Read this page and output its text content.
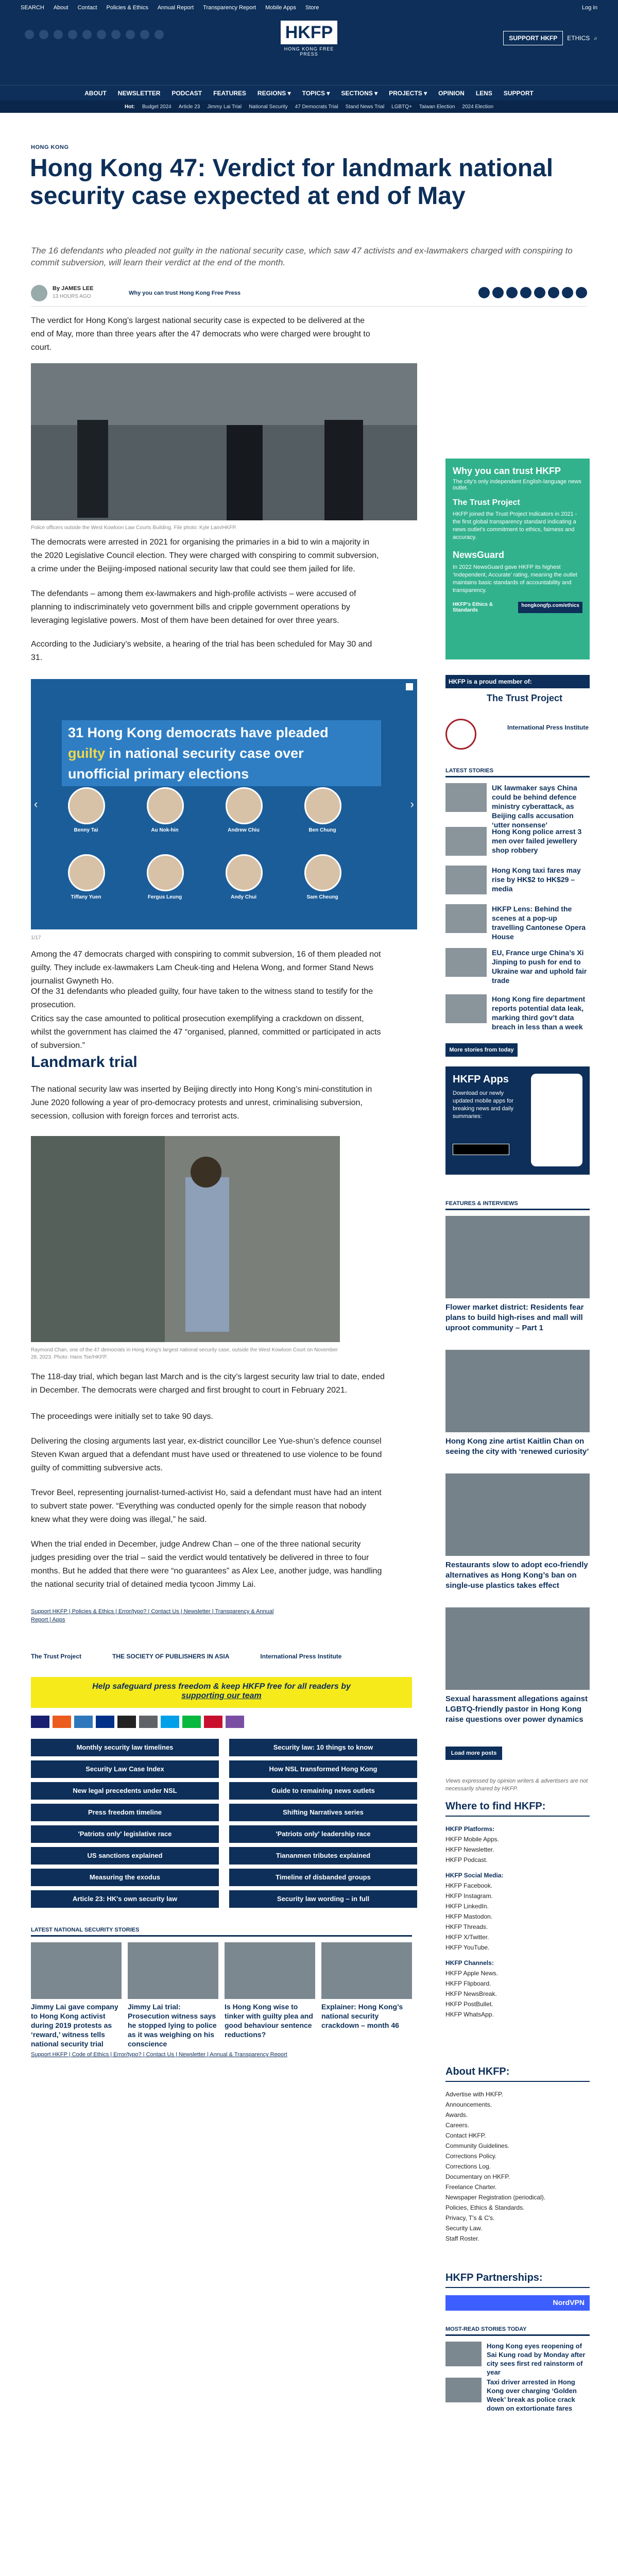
SEARCH About Contact Policies & Ethics Annual Report Transparency Report Mobile Apps Store	Log in
HKFP
HONG KONG FREE PRESS
SUPPORT HKFP	ETHICS ⌕
ABOUT NEWSLETTER PODCAST FEATURES REGIONS ▾ TOPICS ▾ SECTIONS ▾ PROJECTS ▾ OPINION LENS SUPPORT
Hot: Budget 2024 Article 23 Jimmy Lai Trial National Security 47 Democrats Trial Stand News Trial LGBTQ+ Taiwan Election 2024 Election
HONG KONG
Hong Kong 47: Verdict for landmark national security case expected at end of May
The 16 defendants who pleaded not guilty in the national security case, which saw 47 activists and ex-lawmakers charged with conspiring to commit subversion, will learn their verdict at the end of the month.
By JAMES LEE
13 HOURS AGO
Why you can trust Hong Kong Free Press

The verdict for Hong Kong’s largest national security case is expected to be delivered at the end of May, more than three years after the 47 democrats who were charged were brought to court.

Police officers outside the West Kowloon Law Courts Building. File photo: Kyle Lam/HKFP.

The democrats were arrested in 2021 for organising the primaries in a bid to win a majority in the 2020 Legislative Council election. They were charged with conspiring to commit subversion, a crime under the Beijing-imposed national security law that could see them jailed for life.

The defendants – among them ex-lawmakers and high-profile activists – were accused of planning to indiscriminately veto government bills and cripple government operations by leveraging legislative powers. Most of them have been detained for over three years.

According to the Judiciary’s website, a hearing of the trial has been scheduled for May 30 and 31.

31 Hong Kong democrats have pleaded
guilty in national security case over
unofficial primary elections
Benny Tai	Au Nok-hin	Andrew Chiu	Ben Chung
Tiffany Yuen	Fergus Leung	Andy Chui	Sam Cheung
‹	›
1/17

Among the 47 democrats charged with conspiring to commit subversion, 16 of them pleaded not guilty. They include ex-lawmakers Lam Cheuk-ting and Helena Wong, and former Stand News journalist Gwyneth Ho.

Of the 31 defendants who pleaded guilty, four have taken to the witness stand to testify for the prosecution.

Critics say the case amounted to political prosecution exemplifying a crackdown on dissent, whilst the government has claimed the 47 “organised, planned, committed or participated in acts of subversion.”

Landmark trial

The national security law was inserted by Beijing directly into Hong Kong’s mini-constitution in June 2020 following a year of pro-democracy protests and unrest, criminalising subversion, secession, collusion with foreign forces and terrorist acts.

Raymond Chan, one of the 47 democrats in Hong Kong’s largest national security case, outside the West Kowloon Court on November 28, 2023. Photo: Hans Tse/HKFP.

The 118-day trial, which began last March and is the city’s largest security law trial to date, ended in December. The democrats were charged and first brought to court in February 2021.

The proceedings were initially set to take 90 days.

Delivering the closing arguments last year, ex-district councillor Lee Yue-shun’s defence counsel Steven Kwan argued that a defendant must have used or threatened to use violence to be found guilty of committing subversive acts.

Trevor Beel, representing journalist-turned-activist Ho, said a defendant must have had an intent to subvert state power. “Everything was conducted openly for the simple reason that nobody knew what they were doing was illegal,” he said.

When the trial ended in December, judge Andrew Chan – one of the three national security judges presiding over the trial – said the verdict would tentatively be delivered in three to four months. But he added that there were “no guarantees” as Alex Lee, another judge, was handling the national security trial of detained media tycoon Jimmy Lai.

Support HKFP | Policies & Ethics | Error/typo? | Contact Us | Newsletter | Transparency & Annual Report | Apps
The Trust Project	THE SOCIETY OF PUBLISHERS IN ASIA	International Press Institute
Help safeguard press freedom & keep HKFP free for all readers by
supporting our team
Monthly security law timelines	Security law: 10 things to know
Security Law Case Index	How NSL transformed Hong Kong
New legal precedents under NSL	Guide to remaining news outlets
Press freedom timeline	Shifting Narratives series
'Patriots only' legislative race	'Patriots only' leadership race
US sanctions explained	Tiananmen tributes explained
Measuring the exodus	Timeline of disbanded groups
Article 23: HK's own security law	Security law wording – in full
LATEST NATIONAL SECURITY STORIES
Jimmy Lai gave company to Hong Kong activist during 2019 protests as ‘reward,’ witness tells national security trial
Jimmy Lai trial: Prosecution witness says he stopped lying to police as it was weighing on his conscience
Is Hong Kong wise to tinker with guilty plea and good behaviour sentence reductions?
Explainer: Hong Kong’s national security crackdown – month 46
Support HKFP | Code of Ethics | Error/typo? | Contact Us | Newsletter | Annual & Transparency Report
Why you can trust HKFP
The city’s only independent English-language news outlet.
The Trust Project
HKFP joined the Trust Project Indicators in 2021 - the first global transparency standard indicating a news outlet’s commitment to ethics, fairness and accuracy.
NewsGuard
In 2022 NewsGuard gave HKFP its highest ‘Independent, Accurate’ rating, meaning the outlet maintains basic standards of accountability and transparency.
HKFP's Ethics & Standards
hongkongfp.com/ethics
HKFP is a proud member of:
The Trust Project
International Press Institute
LATEST STORIES
UK lawmaker says China could be behind defence ministry cyberattack, as Beijing calls accusation ‘utter nonsense’
Hong Kong police arrest 3 men over failed jewellery shop robbery
Hong Kong taxi fares may rise by HK$2 to HK$29 – media
HKFP Lens: Behind the scenes at a pop-up travelling Cantonese Opera House
EU, France urge China’s Xi Jinping to push for end to Ukraine war and uphold fair trade
Hong Kong fire department reports potential data leak, marking third gov’t data breach in less than a week
More stories from today
HKFP Apps
Download our newly updated mobile apps for breaking news and daily summaries:
FEATURES & INTERVIEWS
Flower market district: Residents fear plans to build high-rises and mall will uproot community – Part 1
Hong Kong zine artist Kaitlin Chan on seeing the city with ‘renewed curiosity’
Restaurants slow to adopt eco-friendly alternatives as Hong Kong’s ban on single-use plastics takes effect
Sexual harassment allegations against LGBTQ-friendly pastor in Hong Kong raise questions over power dynamics
Load more posts
Views expressed by opinion writers & advertisers are not necessarily shared by HKFP.
Where to find HKFP:
HKFP Platforms:
HKFP Mobile Apps.
HKFP Newsletter.
HKFP Podcast.
HKFP Social Media:
HKFP Facebook.
HKFP Instagram.
HKFP LinkedIn.
HKFP Mastodon.
HKFP Threads.
HKFP X/Twitter.
HKFP YouTube.
HKFP Channels:
HKFP Apple News.
HKFP Flipboard.
HKFP NewsBreak.
HKFP PostBullet.
HKFP WhatsApp.
About HKFP:
Advertise with HKFP.
Announcements.
Awards.
Careers.
Contact HKFP.
Community Guidelines.
Corrections Policy.
Corrections Log.
Documentary on HKFP.
Freelance Charter.
Newspaper Registration (periodical).
Policies, Ethics & Standards.
Privacy, T's & C's.
Security Law.
Staff Roster.
HKFP Partnerships:
NordVPN
MOST-READ STORIES TODAY
Hong Kong eyes reopening of Sai Kung road by Monday after city sees first red rainstorm of year
Taxi driver arrested in Hong Kong over charging ‘Golden Week’ break as police crack down on extortionate fares
